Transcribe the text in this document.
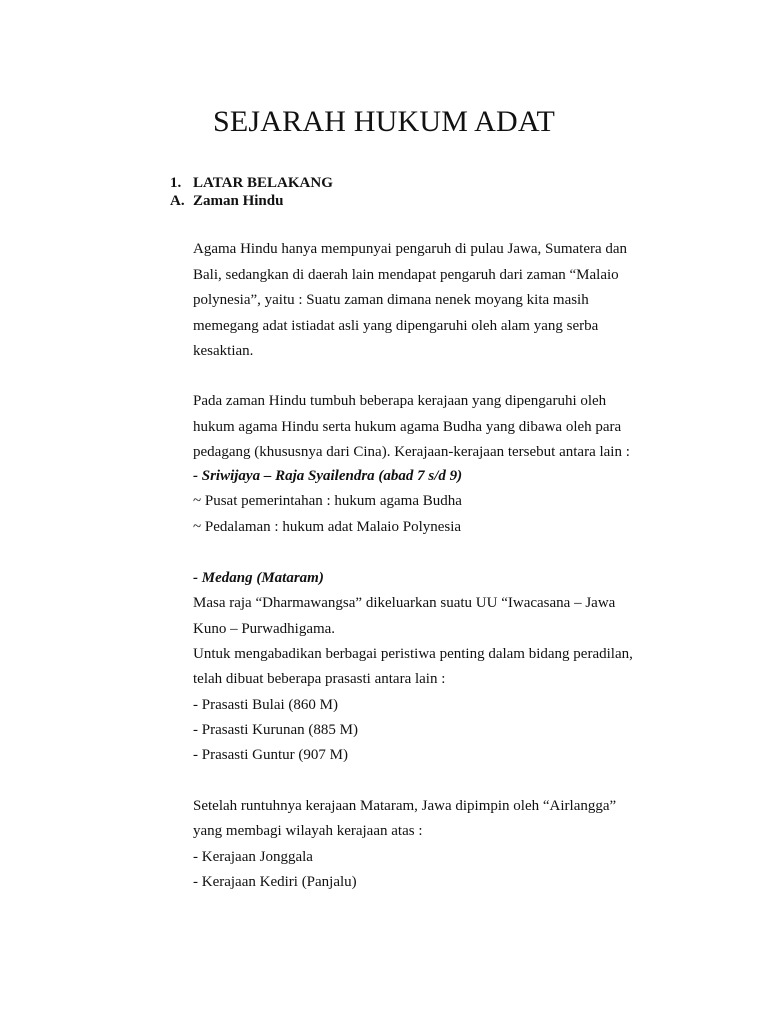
SEJARAH HUKUM ADAT
1. LATAR BELAKANG
A. Zaman Hindu

Agama Hindu hanya mempunyai pengaruh di pulau Jawa, Sumatera dan

Bali, sedangkan di daerah lain mendapat pengaruh dari zaman “Malaio

polynesia”, yaitu : Suatu zaman dimana nenek moyang kita masih

memegang adat istiadat asli yang dipengaruhi oleh alam yang serba

kesaktian.

Pada zaman Hindu tumbuh beberapa kerajaan yang dipengaruhi oleh

hukum agama Hindu serta hukum agama Budha yang dibawa oleh para

pedagang (khususnya dari Cina). Kerajaan-kerajaan tersebut antara lain :

- Sriwijaya – Raja Syailendra (abad 7 s/d 9)

~ Pusat pemerintahan : hukum agama Budha

~ Pedalaman : hukum adat Malaio Polynesia

- Medang (Mataram)

Masa raja “Dharmawangsa” dikeluarkan suatu UU “Iwacasana – Jawa

Kuno – Purwadhigama.

Untuk mengabadikan berbagai peristiwa penting dalam bidang peradilan,

telah dibuat beberapa prasasti antara lain :

- Prasasti Bulai (860 M)

- Prasasti Kurunan (885 M)

- Prasasti Guntur (907 M)

Setelah runtuhnya kerajaan Mataram, Jawa dipimpin oleh “Airlangga”

yang membagi wilayah kerajaan atas :

- Kerajaan Jonggala

- Kerajaan Kediri (Panjalu)
